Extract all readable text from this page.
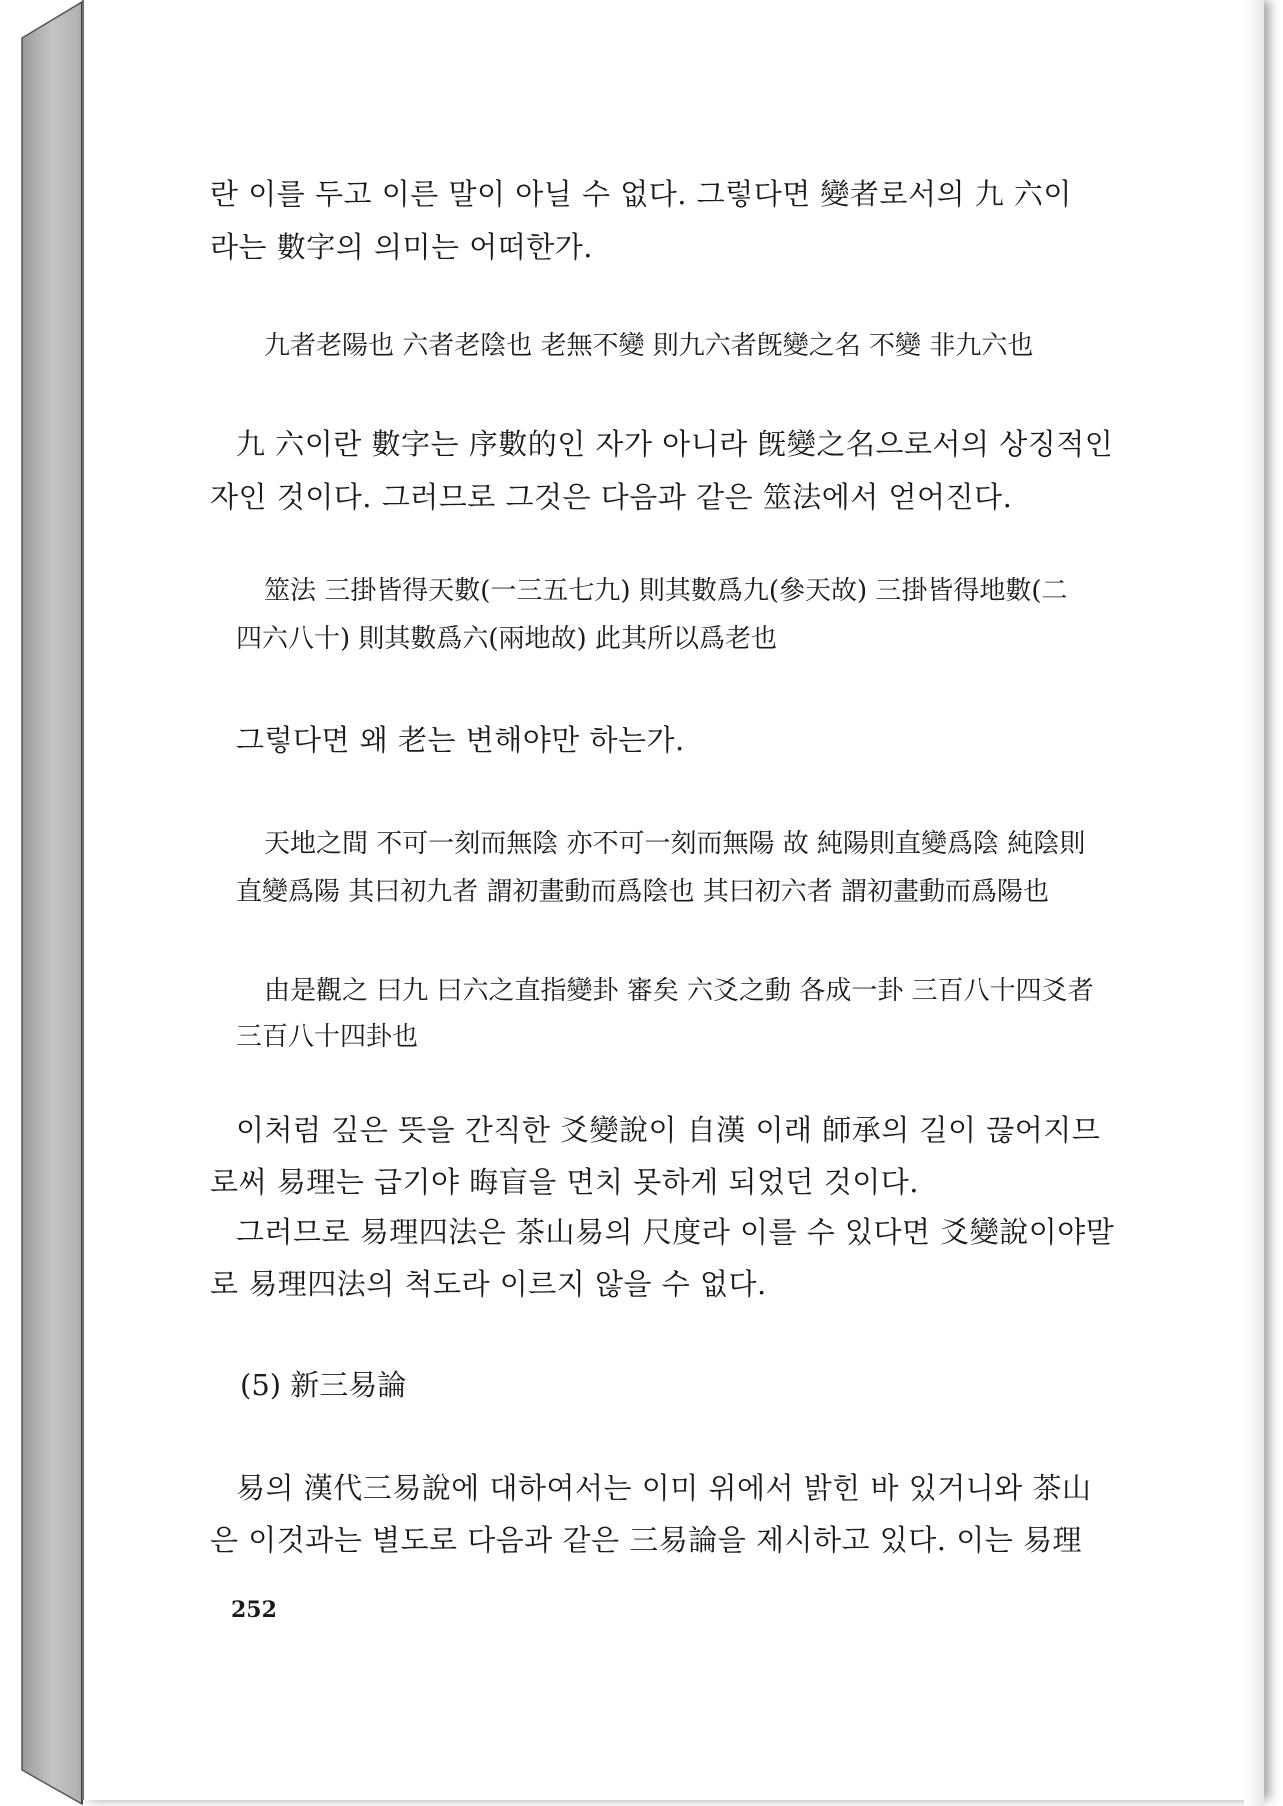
란 이를 두고 이른 말이 아닐 수 없다. 그렇다면 變者로서의 九 六이
라는 數字의 의미는 어떠한가.
九者老陽也 六者老陰也 老無不變 則九六者旣變之名 不變 非九六也
九 六이란 數字는 序數的인 자가 아니라 旣變之名으로서의 상징적인
자인 것이다. 그러므로 그것은 다음과 같은 筮法에서 얻어진다.
筮法 三掛皆得天數(一三五七九) 則其數爲九(參天故) 三掛皆得地數(二
四六八十) 則其數爲六(兩地故) 此其所以爲老也
그렇다면 왜 老는 변해야만 하는가.
天地之間 不可一刻而無陰 亦不可一刻而無陽 故 純陽則直變爲陰 純陰則
直變爲陽 其曰初九者 謂初畫動而爲陰也 其曰初六者 謂初畫動而爲陽也
由是觀之 曰九 曰六之直指變卦 審矣 六爻之動 各成一卦 三百八十四爻者
三百八十四卦也
이처럼 깊은 뜻을 간직한 爻變說이 自漢 이래 師承의 길이 끊어지므
로써 易理는 급기야 晦盲을 면치 못하게 되었던 것이다.
그러므로 易理四法은 茶山易의 尺度라 이를 수 있다면 爻變說이야말
로 易理四法의 척도라 이르지 않을 수 없다.
(5) 新三易論
易의 漢代三易說에 대하여서는 이미 위에서 밝힌 바 있거니와 茶山
은 이것과는 별도로 다음과 같은 三易論을 제시하고 있다. 이는 易理
252
